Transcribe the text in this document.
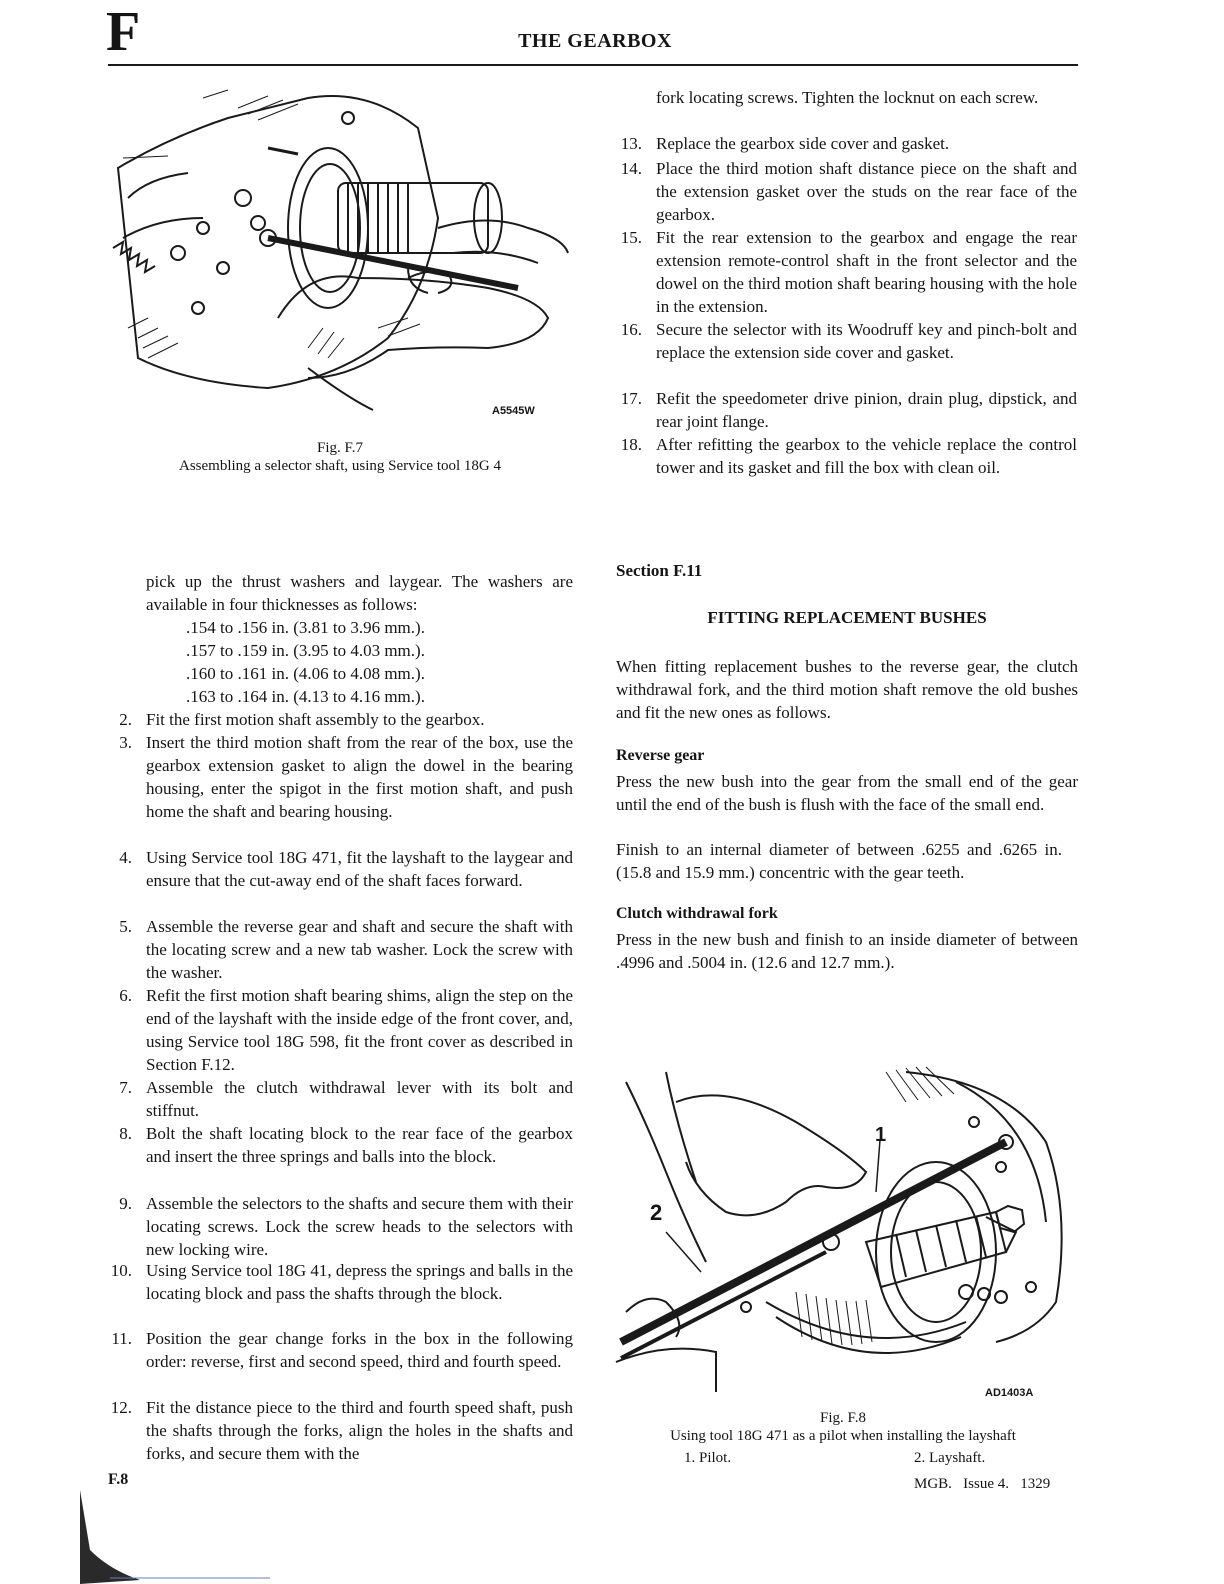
F	THE GEARBOX
A5545W
Fig. F.7
Assembling a selector shaft, using Service tool 18G 4

fork locating screws. Tighten the locknut on each screw.

13. Replace the gearbox side cover and gasket.
14. Place the third motion shaft distance piece on the shaft and the extension gasket over the studs on the rear face of the gearbox.
15. Fit the rear extension to the gearbox and engage the rear extension remote-control shaft in the front selector and the dowel on the third motion shaft bearing housing with the hole in the extension.
16. Secure the selector with its Woodruff key and pinch-bolt and replace the extension side cover and gasket.
17. Refit the speedometer drive pinion, drain plug, dipstick, and rear joint flange.
18. After refitting the gearbox to the vehicle replace the control tower and its gasket and fill the box with clean oil.

pick up the thrust washers and laygear. The washers are available in four thicknesses as follows:

.154 to .156 in. (3.81 to 3.96 mm.).
.157 to .159 in. (3.95 to 4.03 mm.).
.160 to .161 in. (4.06 to 4.08 mm.).
.163 to .164 in. (4.13 to 4.16 mm.).
2. Fit the first motion shaft assembly to the gearbox.
3. Insert the third motion shaft from the rear of the box, use the gearbox extension gasket to align the dowel in the bearing housing, enter the spigot in the first motion shaft, and push home the shaft and bearing housing.
4. Using Service tool 18G 471, fit the layshaft to the laygear and ensure that the cut-away end of the shaft faces forward.
5. Assemble the reverse gear and shaft and secure the shaft with the locating screw and a new tab washer. Lock the screw with the washer.
6. Refit the first motion shaft bearing shims, align the step on the end of the layshaft with the inside edge of the front cover, and, using Service tool 18G 598, fit the front cover as described in Section F.12.
7. Assemble the clutch withdrawal lever with its bolt and stiffnut.
8. Bolt the shaft locating block to the rear face of the gearbox and insert the three springs and balls into the block.
9. Assemble the selectors to the shafts and secure them with their locating screws. Lock the screw heads to the selectors with new locking wire.
10. Using Service tool 18G 41, depress the springs and balls in the locating block and pass the shafts through the block.
11. Position the gear change forks in the box in the following order: reverse, first and second speed, third and fourth speed.
12. Fit the distance piece to the third and fourth speed shaft, push the shafts through the forks, align the holes in the shafts and forks, and secure them with the
Section F.11
FITTING REPLACEMENT BUSHES

When fitting replacement bushes to the reverse gear, the clutch withdrawal fork, and the third motion shaft remove the old bushes and fit the new ones as follows.

Reverse gear

Press the new bush into the gear from the small end of the gear until the end of the bush is flush with the face of the small end.

Finish to an internal diameter of between .6255 and .6265 in. (15.8 and 15.9 mm.) concentric with the gear teeth.

Clutch withdrawal fork

Press in the new bush and finish to an inside diameter of between .4996 and .5004 in. (12.6 and 12.7 mm.).

1
2
AD1403A
Fig. F.8
Using tool 18G 471 as a pilot when installing the layshaft
1. Pilot.	2. Layshaft.
F.8	MGB.   Issue 4.   1329
